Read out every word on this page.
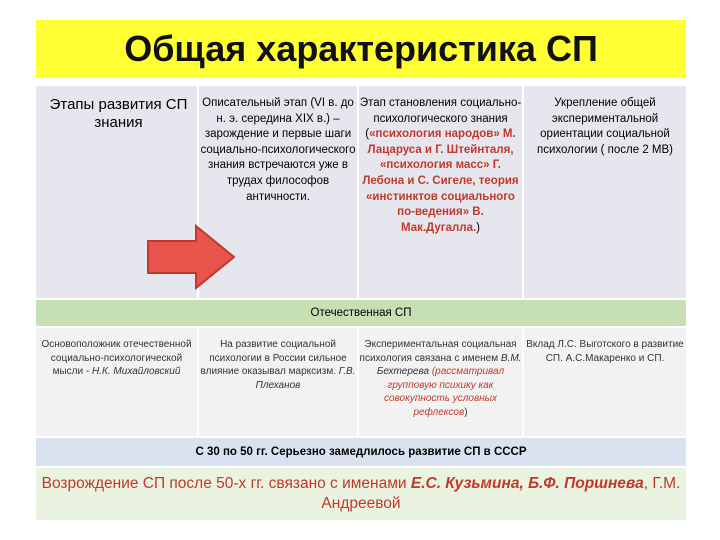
Общая характеристика СП
Этапы развития СП знания
Описательный этап (VI в. до н. э. середина XIX в.) – зарождение и первые шаги социально-психологического знания встречаются уже в трудах философов античности.
Этап становления социально-психологического знания («психология народов» М. Лацаруса и Г. Штейнталя, «психология масс» Г. Лебона и С. Сигеле, теория «инстинктов социального по-ведения» В. Мак.Дугалла.)
Укрепление общей экспериментальной ориентации социальной психологии ( после 2 МВ)
Отечественная СП
Основоположник отечественной социально-психологической мысли - Н.К. Михайловский
На развитие социальной психологии в России сильное влияние оказывал марксизм. Г.В. Плеханов
Экспериментальная социальная психология связана с именем В.М. Бехтерева (рассматривал групповую психику как совокупность условных рефлексов)
Вклад Л.С. Выготского в развитие СП. А.С.Макаренко и СП.
С 30 по 50 гг. Серьезно замедлилось развитие СП в СССР
Возрождение СП после 50-х гг. связано с именами Е.С. Кузьмина, Б.Ф. Поршнева, Г.М. Андреевой
